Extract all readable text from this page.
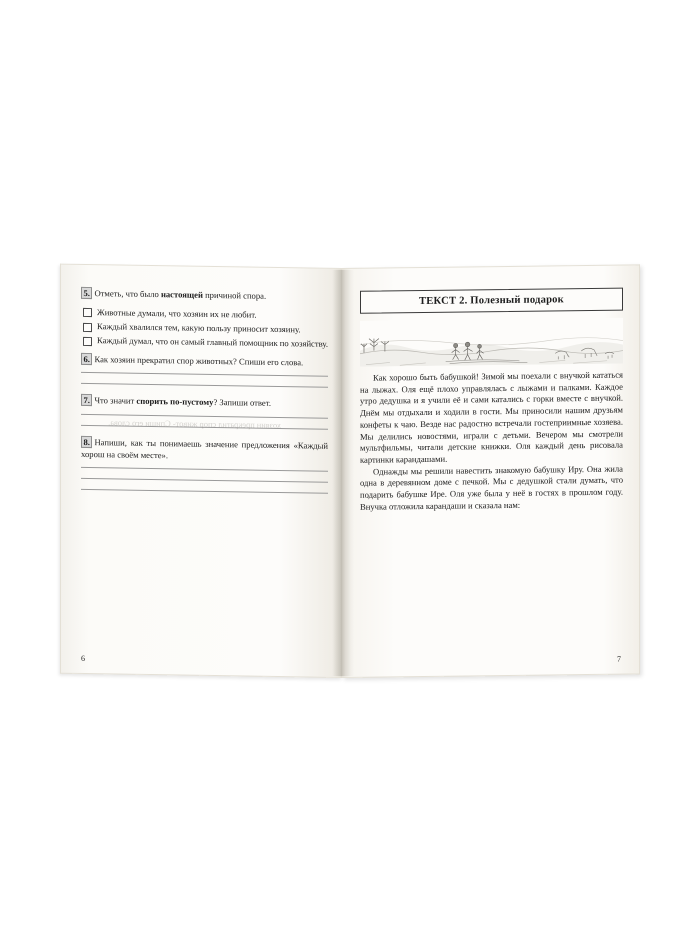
хозяин прекратил спор живот- Спиши его слова.
5. Отметь, что было настоящей причиной спора.
Животные думали, что хозяин их не любит.
Каждый хвалился тем, какую пользу приносит хозяину.
Каждый думал, что он самый главный помощник по хозяйству.
6. Как хозяин прекратил спор животных? Спиши его слова.
7. Что значит спорить по-пустому? Запиши ответ.
8. Напиши, как ты понимаешь значение предложения «Каждый хорош на своём месте».
6
ТЕКСТ 2. Полезный подарок

Как хорошо быть бабушкой! Зимой мы поехали с внучкой кататься на лыжах. Оля ещё плохо управлялась с лыжами и палками. Каждое утро дедушка и я учили её и сами катались с горки вместе с внучкой. Днём мы отдыхали и ходили в гости. Мы приносили нашим друзьям конфеты к чаю. Везде нас радостно встречали гостеприимные хозяева. Мы делились новостями, играли с детьми. Вечером мы смотрели мультфильмы, читали детские книжки. Оля каждый день рисовала картинки карандашами.

Однажды мы решили навестить знакомую бабушку Иру. Она жила одна в деревянном доме с печкой. Мы с дедушкой стали думать, что подарить бабушке Ире. Оля уже была у неё в гостях в прошлом году. Внучка отложила карандаши и сказала нам:

7
